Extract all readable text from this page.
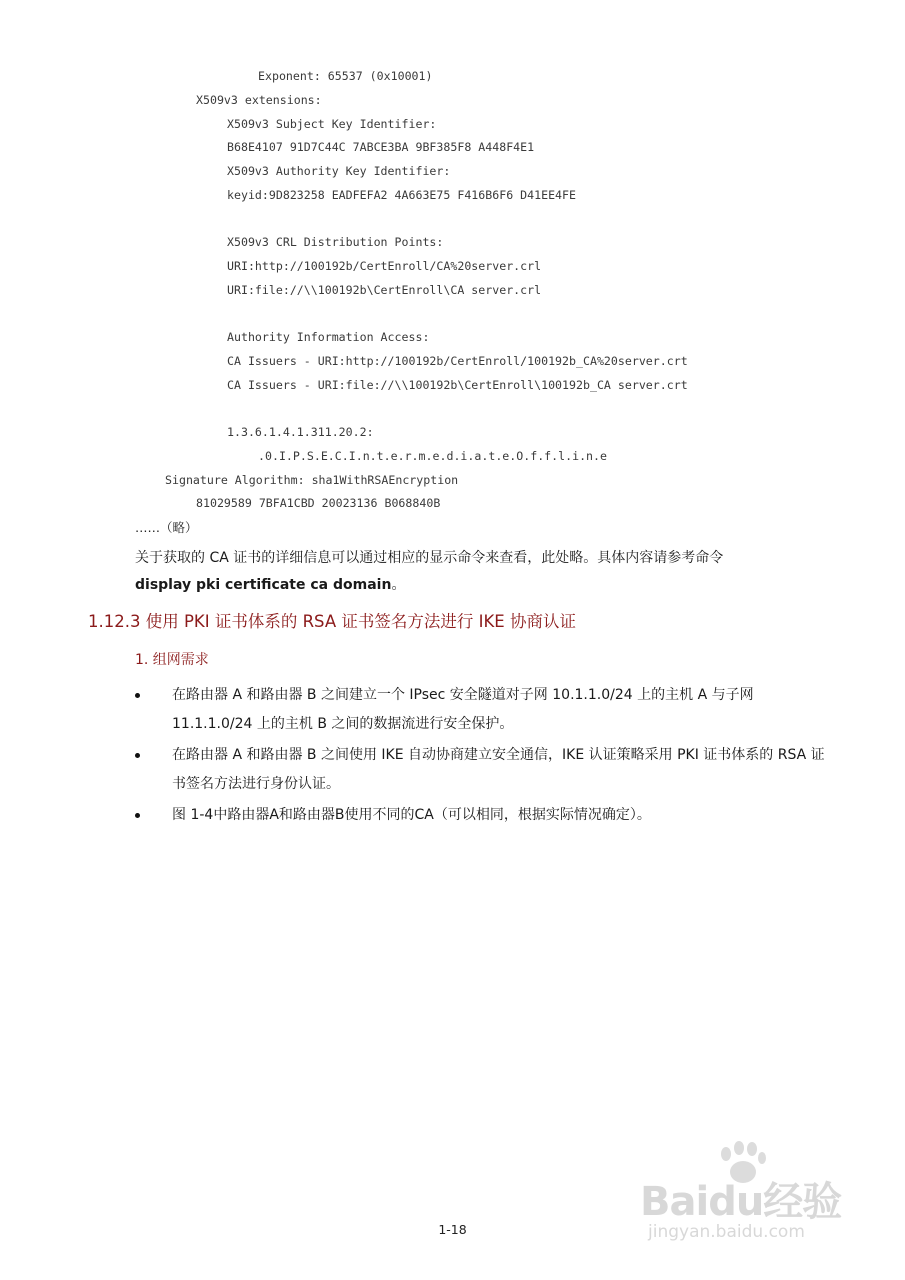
Exponent: 65537 (0x10001)

X509v3 extensions:

X509v3 Subject Key Identifier:

B68E4107 91D7C44C 7ABCE3BA 9BF385F8 A448F4E1

X509v3 Authority Key Identifier:

keyid:9D823258 EADFEFA2 4A663E75 F416B6F6 D41EE4FE

X509v3 CRL Distribution Points:

URI:http://100192b/CertEnroll/CA%20server.crl

URI:file://\\100192b\CertEnroll\CA server.crl

Authority Information Access:

CA Issuers - URI:http://100192b/CertEnroll/100192b_CA%20server.crt

CA Issuers - URI:file://\\100192b\CertEnroll\100192b_CA server.crt

1.3.6.1.4.1.311.20.2:

.0.I.P.S.E.C.I.n.t.e.r.m.e.d.i.a.t.e.O.f.f.l.i.n.e

Signature Algorithm: sha1WithRSAEncryption

81029589 7BFA1CBD 20023136 B068840B

……（略）
关于获取的 CA 证书的详细信息可以通过相应的显示命令来查看，此处略。具体内容请参考命令
display pki certificate ca domain。
1.12.3 使用 PKI 证书体系的 RSA 证书签名方法进行 IKE 协商认证
1. 组网需求
在路由器 A 和路由器 B 之间建立一个 IPsec 安全隧道对子网 10.1.1.0/24 上的主机 A 与子网 11.1.1.0/24 上的主机 B 之间的数据流进行安全保护。
在路由器 A 和路由器 B 之间使用 IKE 自动协商建立安全通信，IKE 认证策略采用 PKI 证书体系的 RSA 证书签名方法进行身份认证。
图 1-4中路由器A和路由器B使用不同的CA（可以相同，根据实际情况确定）。
1-18
Baidu经验
jingyan.baidu.com
